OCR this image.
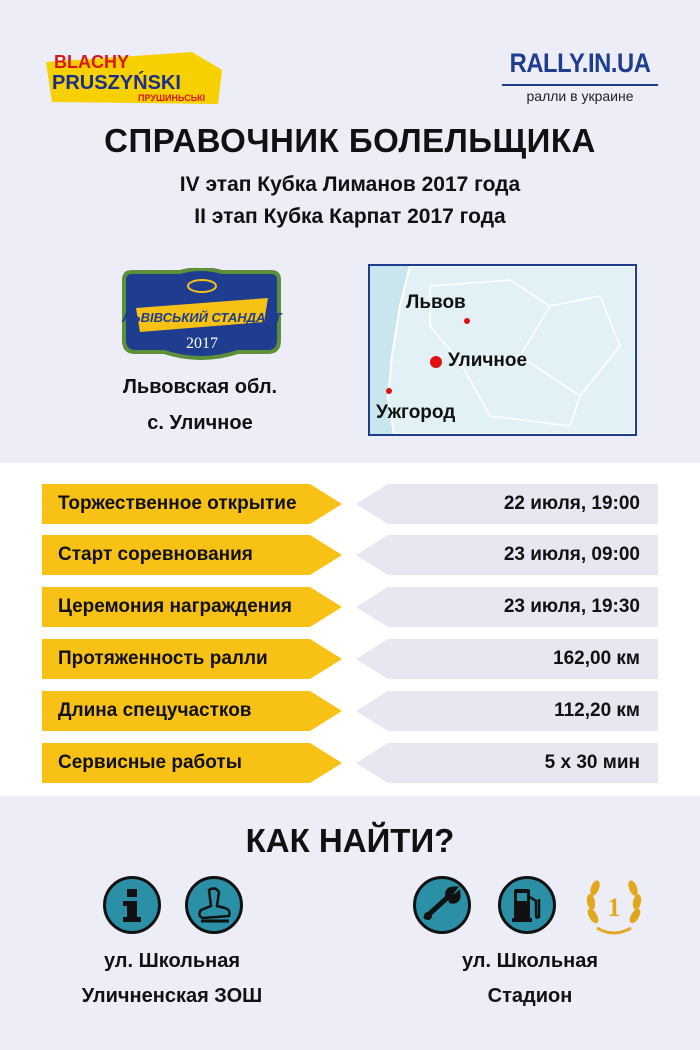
BLACHY
PRUSZYŃSKI
ПРУШИНЬСЬКІ
RALLY.IN.UA
ралли в украине
СПРАВОЧНИК БОЛЕЛЬЩИКА
IV этап Кубка Лиманов 2017 года
II этап Кубка Карпат 2017 года
ЛЬВІВСЬКИЙ СТАНДАРТ
2017
Львовская обл.
с. Уличное
Львов
Уличное
Ужгород
Торжественное открытие	22 июля, 19:00
Старт соревнования	23 июля, 09:00
Церемония награждения	23 июля, 19:30
Протяженность ралли	162,00 км
Длина спецучастков	112,20 км
Сервисные работы	5 х 30 мин
КАК НАЙТИ?
ул. Школьная
Уличненская ЗОШ
1
ул. Школьная
Стадион
